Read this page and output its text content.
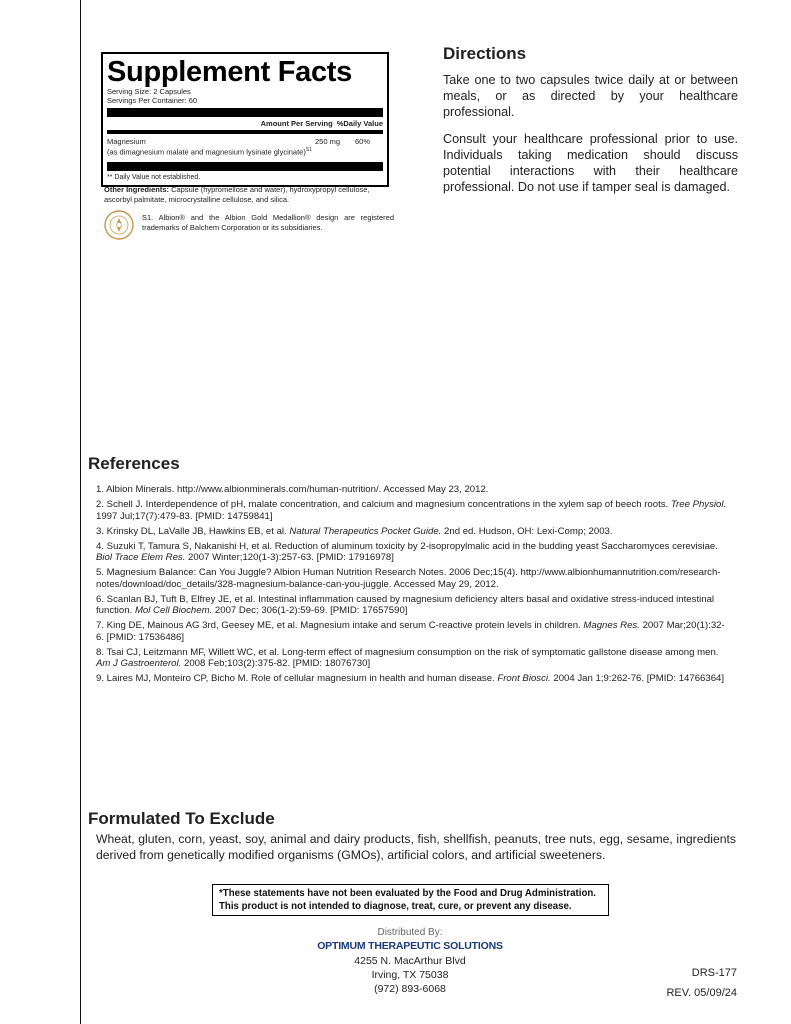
Supplement Facts
Serving Size: 2 Capsules
Servings Per Container: 60
Amount Per Serving %Daily Value
Magnesium	250 mg	60%
(as dimagnesium malate and magnesium lysinate glycinate)$^{S1}$
** Daily Value not established.
Other Ingredients: Capsule (hypromellose and water), hydroxypropyl cellulose, ascorbyl palmitate, microcrystalline cellulose, and silica.
S1. Albion® and the Albion Gold Medallion® design are registered trademarks of Balchem Corporation or its subsidiaries.
Directions

Take one to two capsules twice daily at or between meals, or as directed by your healthcare professional.

Consult your healthcare professional prior to use. Individuals taking medication should discuss potential interactions with their healthcare professional. Do not use if tamper seal is damaged.

References
1. Albion Minerals. http://www.albionminerals.com/human-nutrition/. Accessed May 23, 2012.
2. Schell J. Interdependence of pH, malate concentration, and calcium and magnesium concentrations in the xylem sap of beech roots. Tree Physiol. 1997 Jul;17(7):479-83. [PMID: 14759841]
3. Krinsky DL, LaValle JB, Hawkins EB, et al. Natural Therapeutics Pocket Guide. 2nd ed. Hudson, OH: Lexi-Comp; 2003.
4. Suzuki T, Tamura S, Nakanishi H, et al. Reduction of aluminum toxicity by 2-isopropylmalic acid in the budding yeast Saccharomyces cerevisiae. Biol Trace Elem Res. 2007 Winter;120(1-3):257-63. [PMID: 17916978]
5. Magnesium Balance: Can You Juggle? Albion Human Nutrition Research Notes. 2006 Dec;15(4). http://www.albionhumannutrition.com/research-notes/download/doc_details/328-magnesium-balance-can-you-juggle. Accessed May 29, 2012.
6. Scanlan BJ, Tuft B, Elfrey JE, et al. Intestinal inflammation caused by magnesium deficiency alters basal and oxidative stress-induced intestinal function. Mol Cell Biochem. 2007 Dec; 306(1-2):59-69. [PMID: 17657590]
7. King DE, Mainous AG 3rd, Geesey ME, et al. Magnesium intake and serum C-reactive protein levels in children. Magnes Res. 2007 Mar;20(1):32-6. [PMID: 17536486]
8. Tsai CJ, Leitzmann MF, Willett WC, et al. Long-term effect of magnesium consumption on the risk of symptomatic gallstone disease among men. Am J Gastroenterol. 2008 Feb;103(2):375-82. [PMID: 18076730]
9. Laires MJ, Monteiro CP, Bicho M. Role of cellular magnesium in health and human disease. Front Biosci. 2004 Jan 1;9:262-76. [PMID: 14766364]
Formulated To Exclude

Wheat, gluten, corn, yeast, soy, animal and dairy products, fish, shellfish, peanuts, tree nuts, egg, sesame, ingredients derived from genetically modified organisms (GMOs), artificial colors, and artificial sweeteners.

*These statements have not been evaluated by the Food and Drug Administration.
This product is not intended to diagnose, treat, cure, or prevent any disease.
Distributed By:
OPTIMUM THERAPEUTIC SOLUTIONS
4255 N. MacArthur Blvd
Irving, TX 75038
(972) 893-6068
DRS-177
REV. 05/09/24
